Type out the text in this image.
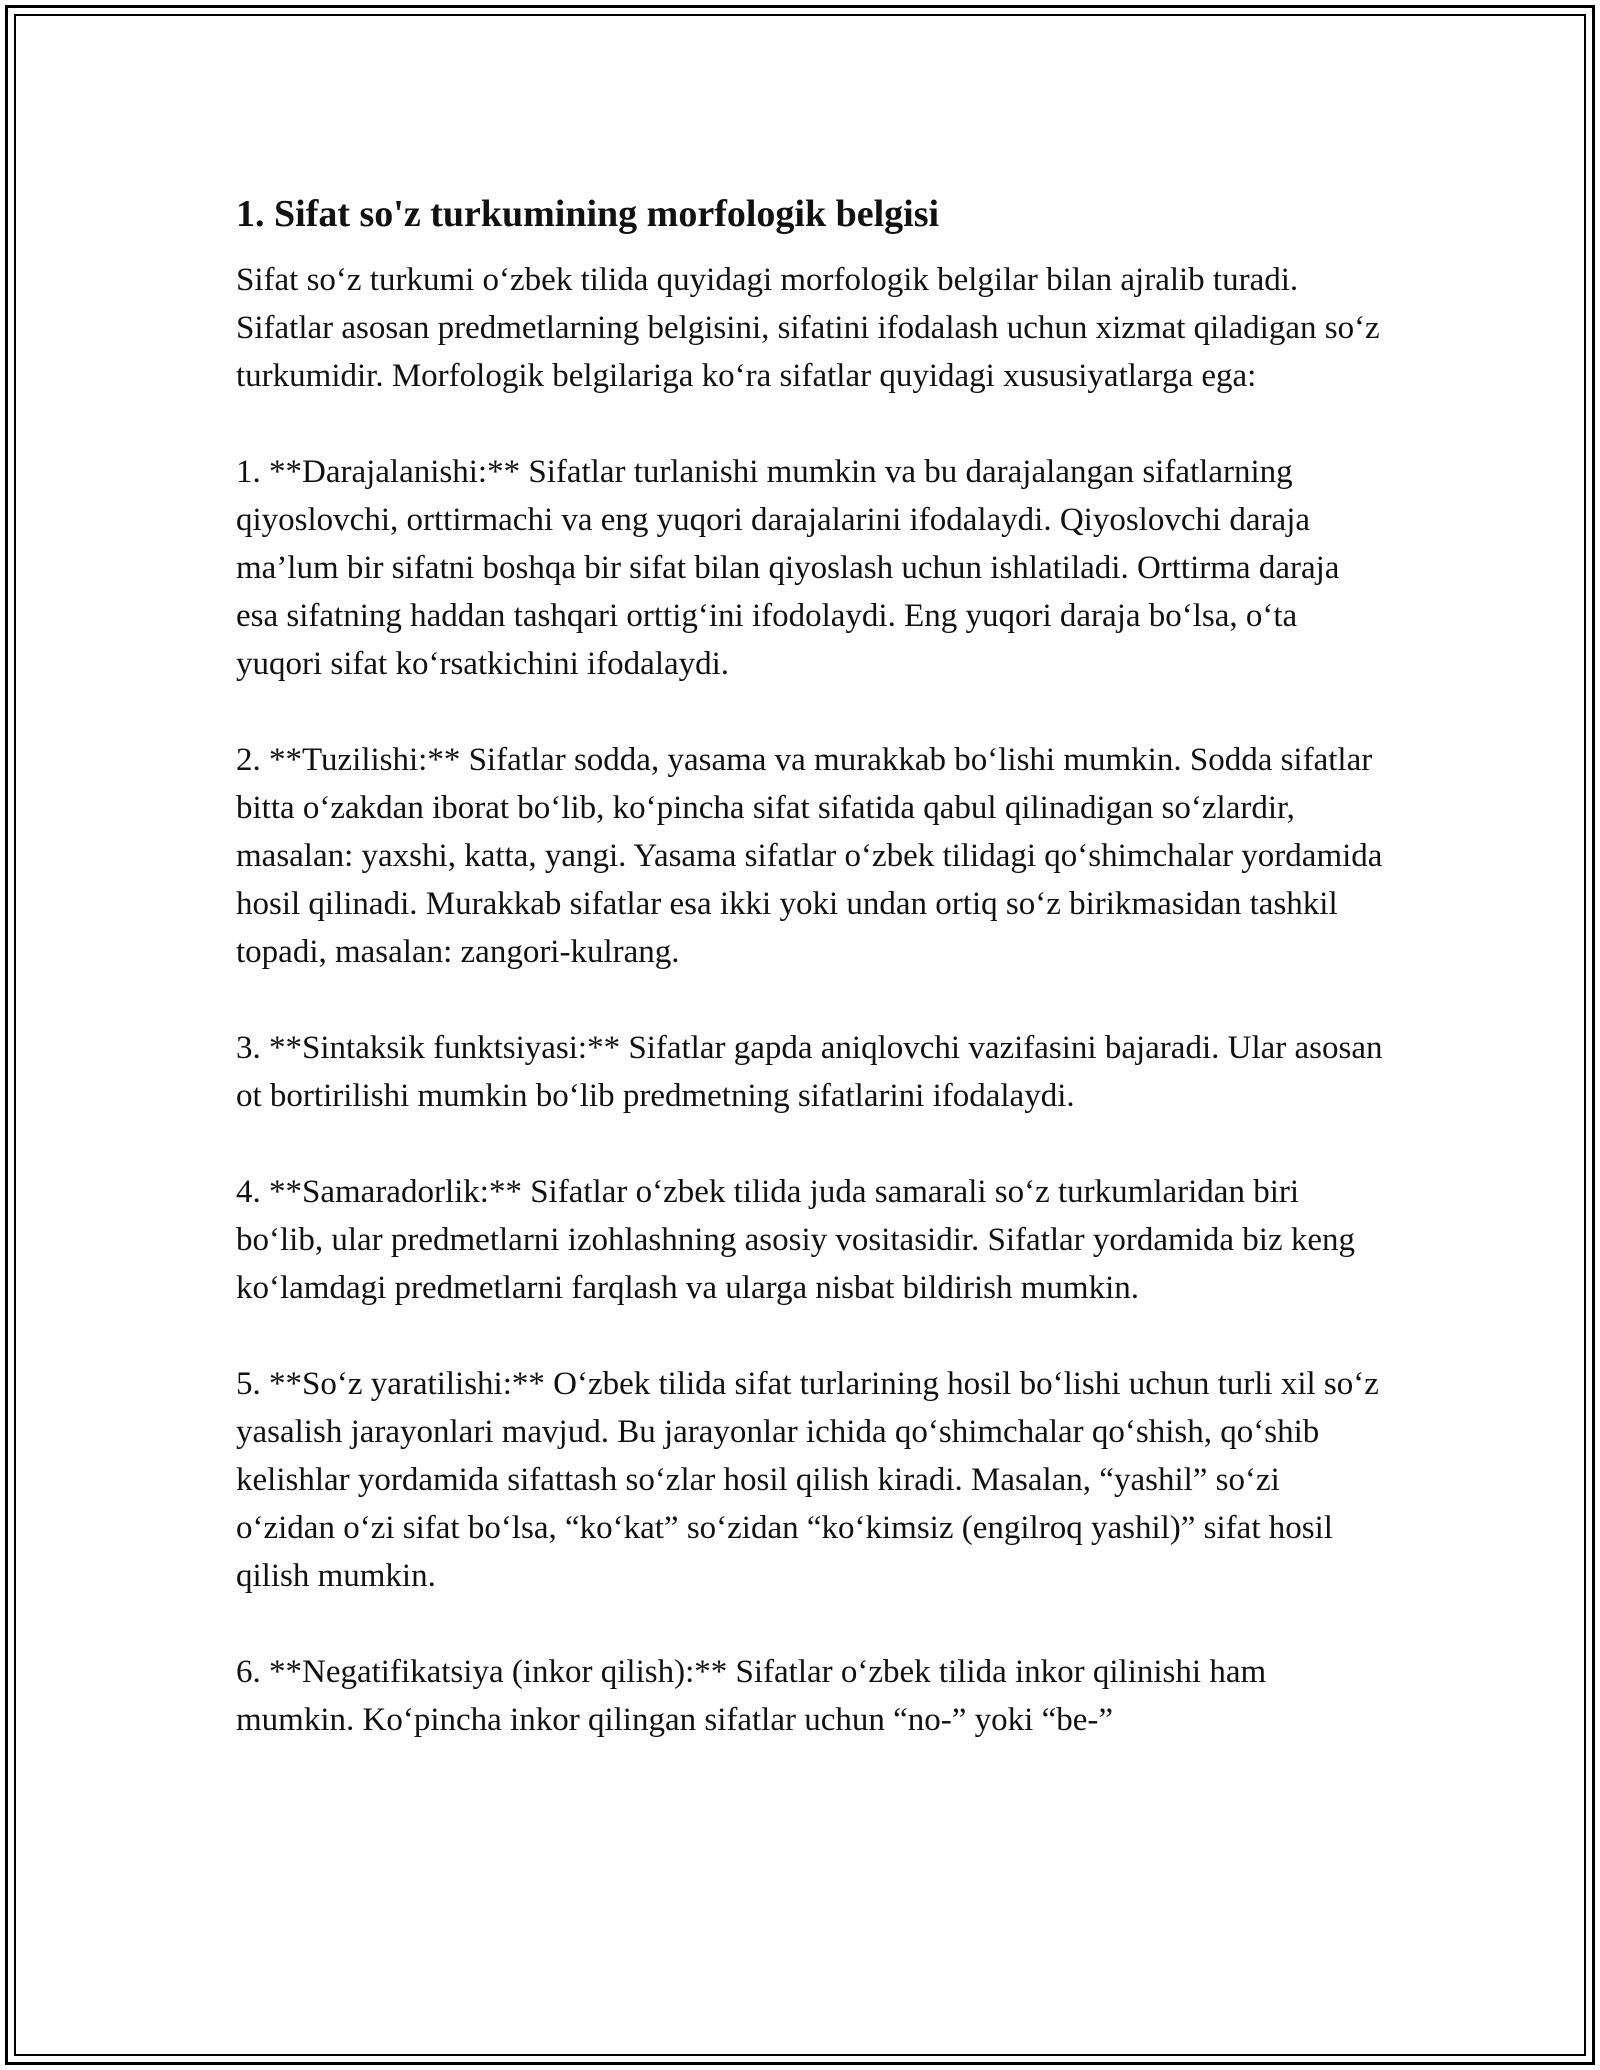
1. Sifat so'z turkumining morfologik belgisi

Sifat so‘z turkumi o‘zbek tilida quyidagi morfologik belgilar bilan ajralib turadi. Sifatlar asosan predmetlarning belgisini, sifatini ifodalash uchun xizmat qiladigan so‘z turkumidir. Morfologik belgilariga ko‘ra sifatlar quyidagi xususiyatlarga ega:

1. **Darajalanishi:** Sifatlar turlanishi mumkin va bu darajalangan sifatlarning qiyoslovchi, orttirmachi va eng yuqori darajalarini ifodalaydi. Qiyoslovchi daraja ma’lum bir sifatni boshqa bir sifat bilan qiyoslash uchun ishlatiladi. Orttirma daraja esa sifatning haddan tashqari orttig‘ini ifodolaydi. Eng yuqori daraja bo‘lsa, o‘ta yuqori sifat ko‘rsatkichini ifodalaydi.

2. **Tuzilishi:** Sifatlar sodda, yasama va murakkab bo‘lishi mumkin. Sodda sifatlar bitta o‘zakdan iborat bo‘lib, ko‘pincha sifat sifatida qabul qilinadigan so‘zlardir, masalan: yaxshi, katta, yangi. Yasama sifatlar o‘zbek tilidagi qo‘shimchalar yordamida hosil qilinadi. Murakkab sifatlar esa ikki yoki undan ortiq so‘z birikmasidan tashkil topadi, masalan: zangori-kulrang.

3. **Sintaksik funktsiyasi:** Sifatlar gapda aniqlovchi vazifasini bajaradi. Ular asosan ot bortirilishi mumkin bo‘lib predmetning sifatlarini ifodalaydi.

4. **Samaradorlik:** Sifatlar o‘zbek tilida juda samarali so‘z turkumlaridan biri bo‘lib, ular predmetlarni izohlashning asosiy vositasidir. Sifatlar yordamida biz keng ko‘lamdagi predmetlarni farqlash va ularga nisbat bildirish mumkin.

5. **So‘z yaratilishi:** O‘zbek tilida sifat turlarining hosil bo‘lishi uchun turli xil so‘z yasalish jarayonlari mavjud. Bu jarayonlar ichida qo‘shimchalar qo‘shish, qo‘shib kelishlar yordamida sifattash so‘zlar hosil qilish kiradi. Masalan, “yashil” so‘zi o‘zidan o‘zi sifat bo‘lsa, “ko‘kat” so‘zidan “ko‘kimsiz (engilroq yashil)” sifat hosil qilish mumkin.

6. **Negatifikatsiya (inkor qilish):** Sifatlar o‘zbek tilida inkor qilinishi ham mumkin. Ko‘pincha inkor qilingan sifatlar uchun “no-” yoki “be-”
